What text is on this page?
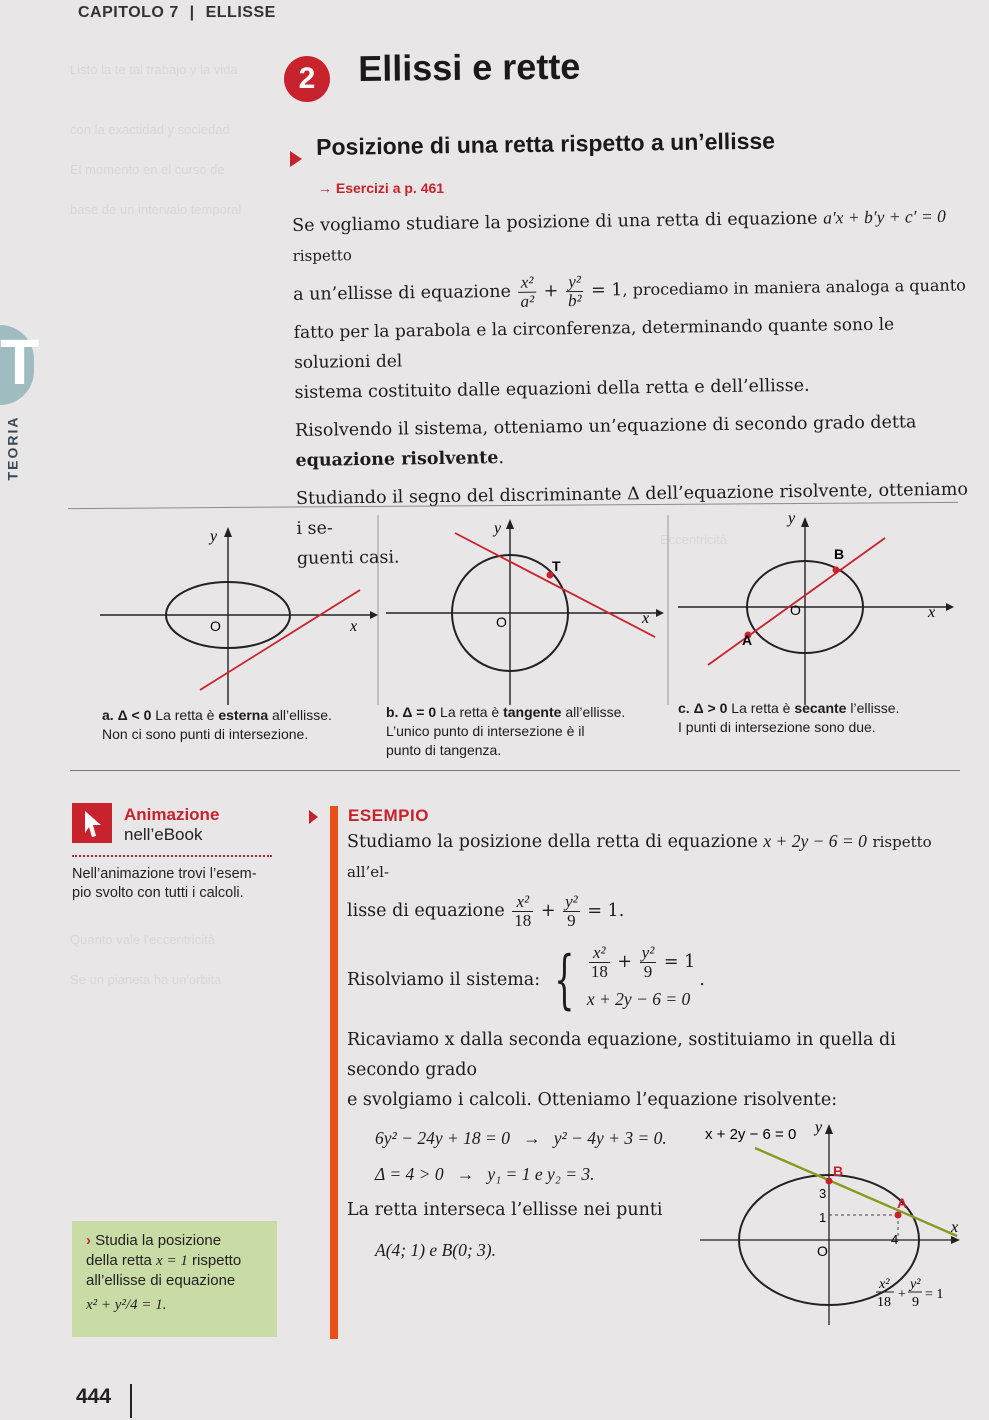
Listo la te tal trabajo y la vida
con la exactidad y sociedad
El momento en el curso de
base de un intervalo temporal
Quanto vale l'eccentricità
Se un pianeta ha un'orbita
Eccentricità
CAPITOLO 7 | ELLISSE
T
TEORIA
2	Ellissi e rette
Posizione di una retta rispetto a un’ellisse
→ Esercizi a p. 461
Se vogliamo studiare la posizione di una retta di equazione a′x + b′y + c′ = 0 rispetto
a un’ellisse di equazione $\frac{\text{x²}}{\text{a²}} + \frac{\text{y²}}{\text{b²}} = 1$, procediamo in maniera analoga a quanto
fatto per la parabola e la circonferenza, determinando quante sono le soluzioni del
sistema costituito dalle equazioni della retta e dell’ellisse.
Risolvendo il sistema, otteniamo un’equazione di secondo grado detta equazione risolvente.
Studiando il segno del discriminante Δ dell’equazione risolvente, otteniamo i se-
guenti casi.
y
x
O
T
y
x
O
A
B
y
x
O
a. Δ < 0 La retta è esterna all’ellisse.
Non ci sono punti di intersezione.
b. Δ = 0 La retta è tangente all’ellisse.
L’unico punto di intersezione è il
punto di tangenza.
c. Δ > 0 La retta è secante l’ellisse.
I punti di intersezione sono due.
Animazione
nell’eBook
Nell’animazione trovi l’esem-
pio svolto con tutti i calcoli.
› Studia la posizione
della retta x = 1 rispetto
all’ellisse di equazione
x² + y²/4 = 1.
ESEMPIO
Studiamo la posizione della retta di equazione x + 2y − 6 = 0 rispetto all’el-
lisse di equazione $\frac{\text{x²}}{18} + \frac{\text{y²}}{9} = 1$.
Risolviamo il sistema: { $\frac{\text{x²}}{18} + \frac{\text{y²}}{9} = 1$
x + 2y − 6 = 0
.
Ricaviamo x dalla seconda equazione, sostituiamo in quella di secondo grado
e svolgiamo i calcoli. Otteniamo l’equazione risolvente:
6y² − 24y + 18 = 0   →   y² − 4y + 3 = 0.
Δ = 4 > 0   →   y₁ = 1 e y₂ = 3.
La retta interseca l’ellisse nei punti
A(4; 1) e B(0; 3).
x + 2y − 6 = 0 y
x
O
B
A
3
1
4
x²
18
+
y²
9
= 1
444
